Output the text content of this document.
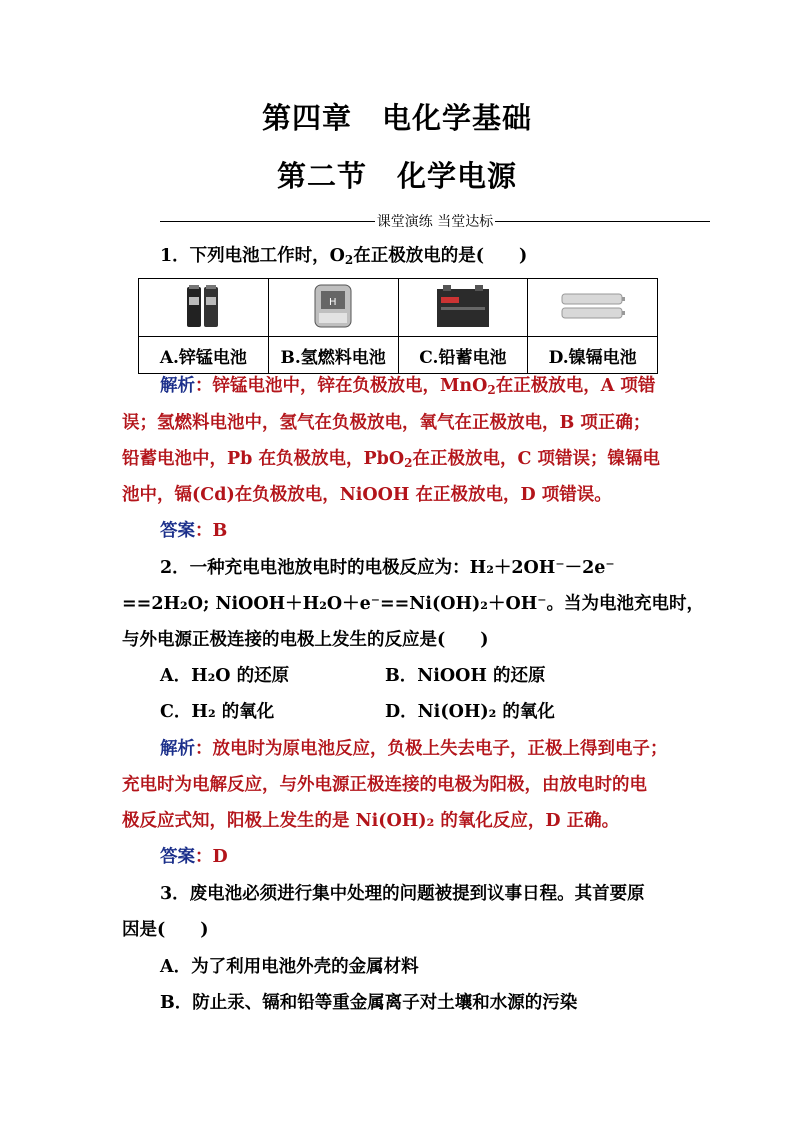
第四章　电化学基础
第二节　化学电源
课堂演练 当堂达标
1．下列电池工作时，$O_2$在正极放电的是(　　)

H

A.锌锰电池	B.氢燃料电池	C.铅蓄电池	D.镍镉电池
解析：锌锰电池中，锌在负极放电，MnO$_2$在正极放电，A 项错
误；氢燃料电池中，氢气在负极放电，氧气在正极放电，B 项正确；
铅蓄电池中，Pb 在负极放电，PbO$_2$在正极放电，C 项错误；镍镉电
池中，镉(Cd)在负极放电，NiOOH 在正极放电，D 项错误。
答案：B
2．一种充电电池放电时的电极反应为：H₂＋2OH⁻－2e⁻
==2H₂O; NiOOH＋H₂O＋e⁻==Ni(OH)₂＋OH⁻。当为电池充电时，
与外电源正极连接的电极上发生的反应是(　　)
A．H₂O 的还原	B．NiOOH 的还原
C．H₂ 的氧化	D．Ni(OH)₂ 的氧化
解析：放电时为原电池反应，负极上失去电子，正极上得到电子；
充电时为电解反应，与外电源正极连接的电极为阳极，由放电时的电
极反应式知，阳极上发生的是 Ni(OH)₂ 的氧化反应，D 正确。
答案：D
3．废电池必须进行集中处理的问题被提到议事日程。其首要原
因是(　　)
A．为了利用电池外壳的金属材料
B．防止汞、镉和铅等重金属离子对土壤和水源的污染
